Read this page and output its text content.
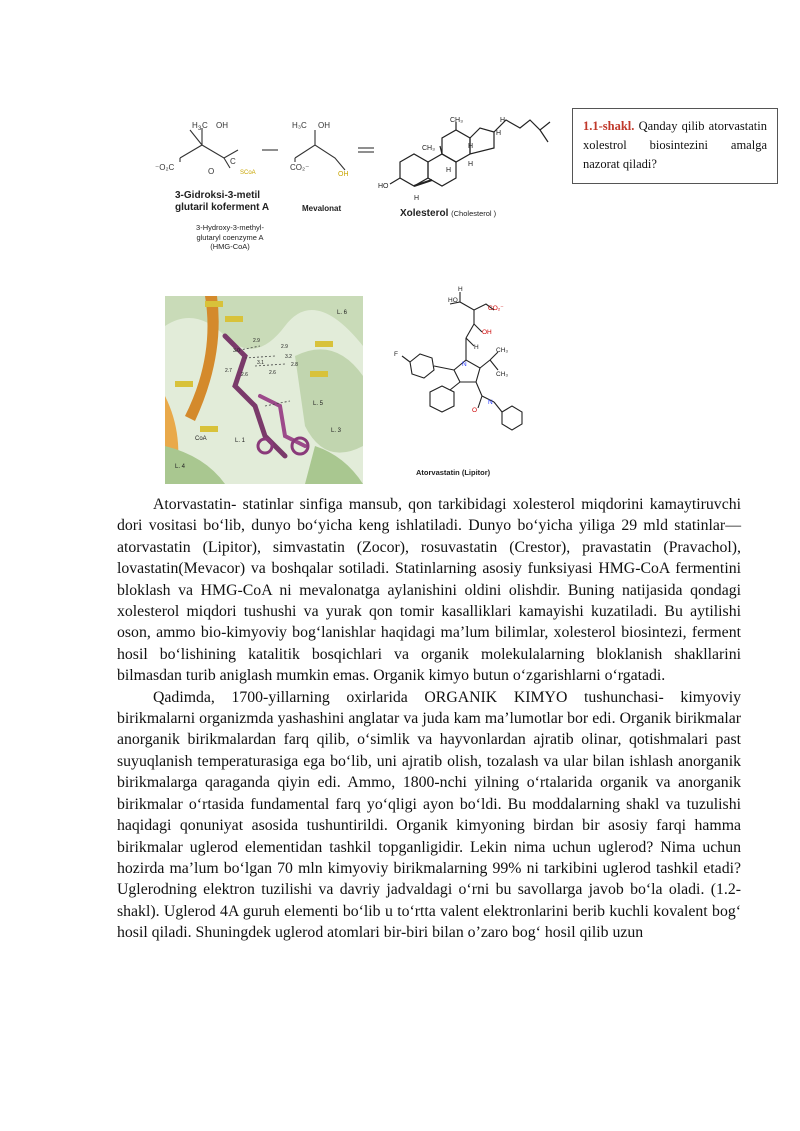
H 3 C OH
⁻O₂C	O
C
SCoA
H₃C OH
CO₂⁻
OH
CH₃
CH₃	H
H
H
H
HO
H
H
3-Gidroksi-3-metil
glutaril koferment A
3-Hydroxy-3-methyl-
glutaryl coenzyme A
(HMG-CoA)
Mevalonat	Xolesterol (Cholesterol )
1.1-shakl. Qanday qilib atorvastatin xolestrol biosintezini amalga nazorat qiladi?
L. 6
L. 5
L. 1
L. 3
L. 4
CoA
2.9
3.0
2.7
2.6
3.1
2.9
3.2
2.8
2.6
HO
H
CO₂⁻
OH
H
N
F
CH₃
CH₃
O
N
Atorvastatin (Lipitor)

Atorvastatin- statinlar sinfiga mansub, qon tarkibidagi xolesterol miqdorini kamaytiruvchi dori vositasi boʻlib, dunyo boʻyicha keng ishlatiladi. Dunyo boʻyicha yiliga 29 mld statinlar—atorvastatin (Lipitor), simvastatin (Zocor), rosuvastatin (Crestor), pravastatin (Pravachol), lovastatin(Mevacor) va boshqalar sotiladi. Statinlarning asosiy funksiyasi HMG-CoA fermentini bloklash va HMG-CoA ni mevalonatga aylanishini oldini olishdir. Buning natijasida qondagi xolesterol miqdori tushushi va yurak qon tomir kasalliklari kamayishi kuzatiladi. Bu aytilishi oson, ammo bio-kimyoviy bogʻlanishlar haqidagi maʼlum bilimlar, xolesterol biosintezi, ferment hosil boʻlishining katalitik bosqichlari va organik molekulalarning bloklanish shakllarini bilmasdan turib aniglash mumkin emas. Organik kimyo butun oʻzgarishlarni oʻrgatadi.

Qadimda, 1700-yillarning oxirlarida ORGANIK KIMYO tushunchasi- kimyoviy birikmalarni organizmda yashashini anglatar va juda kam maʼlumotlar bor edi. Organik birikmalar anorganik birikmalardan farq qilib, oʻsimlik va hayvonlardan ajratib olinar, qotishmalari past suyuqlanish temperaturasiga ega boʻlib, uni ajratib olish, tozalash va ular bilan ishlash anorganik birikmalarga qaraganda qiyin edi. Ammo, 1800-nchi yilning oʻrtalarida organik va anorganik birikmalar oʻrtasida fundamental farq yoʻqligi ayon boʻldi. Bu moddalarning shakl va tuzulishi haqidagi qonuniyat asosida tushuntirildi. Organik kimyoning birdan bir asosiy farqi hamma birikmalar uglerod elementidan tashkil topganligidir. Lekin nima uchun uglerod? Nima uchun hozirda maʼlum boʻlgan 70 mln kimyoviy birikmalarning 99% ni tarkibini uglerod tashkil etadi? Uglerodning elektron tuzilishi va davriy jadvaldagi oʻrni bu savollarga javob boʻla oladi. (1.2-shakl). Uglerod 4A guruh elementi boʻlib u toʻrtta valent elektronlarini berib kuchli kovalent bogʻ hosil qiladi. Shuningdek uglerod atomlari bir-biri bilan oʼzaro bogʻ hosil qilib uzun
